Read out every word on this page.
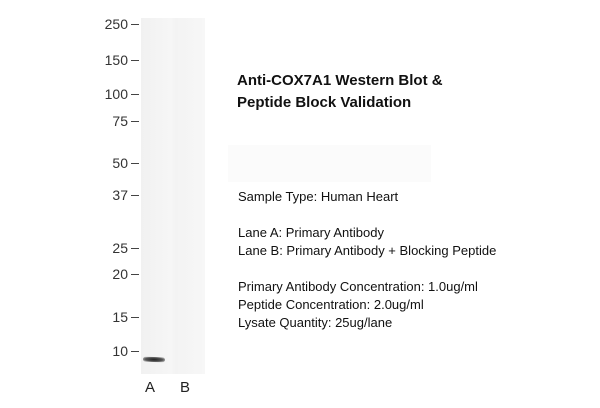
250
150
100
75
50
37
25
20
15
10
A B
Anti-COX7A1 Western Blot &
Peptide Block Validation
Sample Type: Human Heart
Lane A: Primary Antibody
Lane B: Primary Antibody + Blocking Peptide
Primary Antibody Concentration: 1.0ug/ml
Peptide Concentration: 2.0ug/ml
Lysate Quantity: 25ug/lane
